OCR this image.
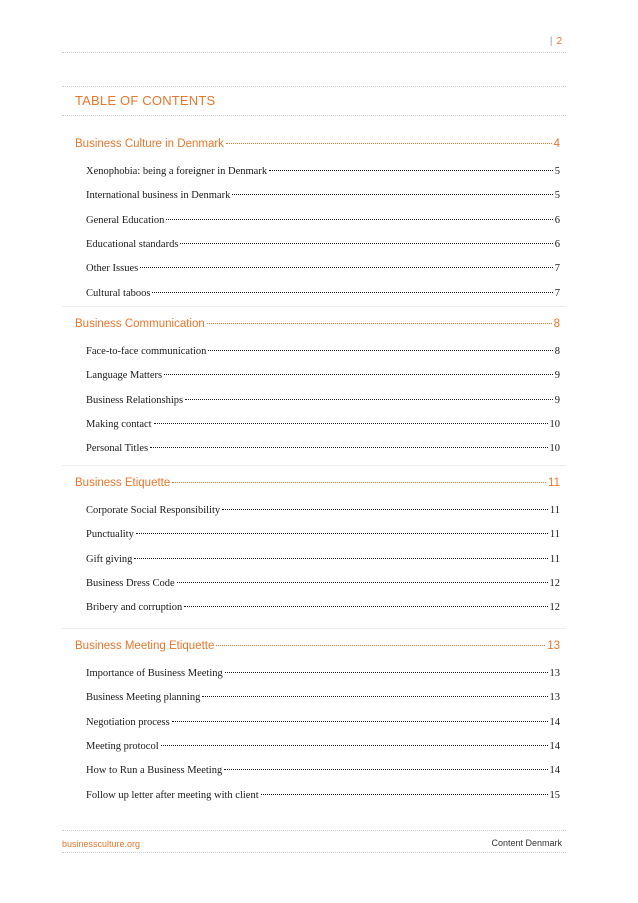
| 2
TABLE OF CONTENTS
Business Culture in Denmark	4
Xenophobia: being a foreigner in Denmark	5
International business in Denmark	5
General Education	6
Educational standards	6
Other Issues	7
Cultural taboos	7
Business Communication	8
Face-to-face communication	8
Language Matters	9
Business Relationships	9
Making contact	10
Personal Titles	10
Business Etiquette	11
Corporate Social Responsibility	11
Punctuality	11
Gift giving	11
Business Dress Code	12
Bribery and corruption	12
Business Meeting Etiquette	13
Importance of Business Meeting	13
Business Meeting planning	13
Negotiation process	14
Meeting protocol	14
How to Run a Business Meeting	14
Follow up letter after meeting with client	15
businessculture.org	Content Denmark
